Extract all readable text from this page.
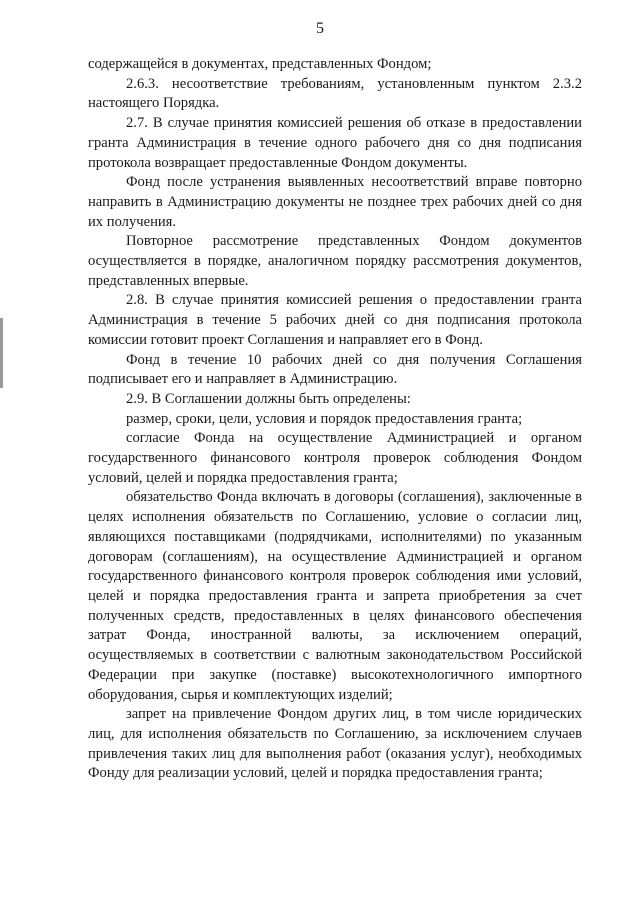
5

содержащейся в документах, представленных Фондом;

2.6.3. несоответствие требованиям, установленным пунктом 2.3.2 настоящего Порядка.

2.7. В случае принятия комиссией решения об отказе в предоставлении гранта Администрация в течение одного рабочего дня со дня подписания протокола возвращает предоставленные Фондом документы.

Фонд после устранения выявленных несоответствий вправе повторно направить в Администрацию документы не позднее трех рабочих дней со дня их получения.

Повторное рассмотрение представленных Фондом документов осуществляется в порядке, аналогичном порядку рассмотрения документов, представленных впервые.

2.8. В случае принятия комиссией решения о предоставлении гранта Администрация в течение 5 рабочих дней со дня подписания протокола комиссии готовит проект Соглашения и направляет его в Фонд.

Фонд в течение 10 рабочих дней со дня получения Соглашения подписывает его и направляет в Администрацию.

2.9. В Соглашении должны быть определены:

размер, сроки, цели, условия и порядок предоставления гранта;

согласие Фонда на осуществление Администрацией и органом государственного финансового контроля проверок соблюдения Фондом условий, целей и порядка предоставления гранта;

обязательство Фонда включать в договоры (соглашения), заключенные в целях исполнения обязательств по Соглашению, условие о согласии лиц, являющихся поставщиками (подрядчиками, исполнителями) по указанным договорам (соглашениям), на осуществление Администрацией и органом государственного финансового контроля проверок соблюдения ими условий, целей и порядка предоставления гранта и запрета приобретения за счет полученных средств, предоставленных в целях финансового обеспечения затрат Фонда, иностранной валюты, за исключением операций, осуществляемых в соответствии с валютным законодательством Российской Федерации при закупке (поставке) высокотехнологичного импортного оборудования, сырья и комплектующих изделий;

запрет на привлечение Фондом других лиц, в том числе юридических лиц, для исполнения обязательств по Соглашению, за исключением случаев привлечения таких лиц для выполнения работ (оказания услуг), необходимых Фонду для реализации условий, целей и порядка предоставления гранта;
